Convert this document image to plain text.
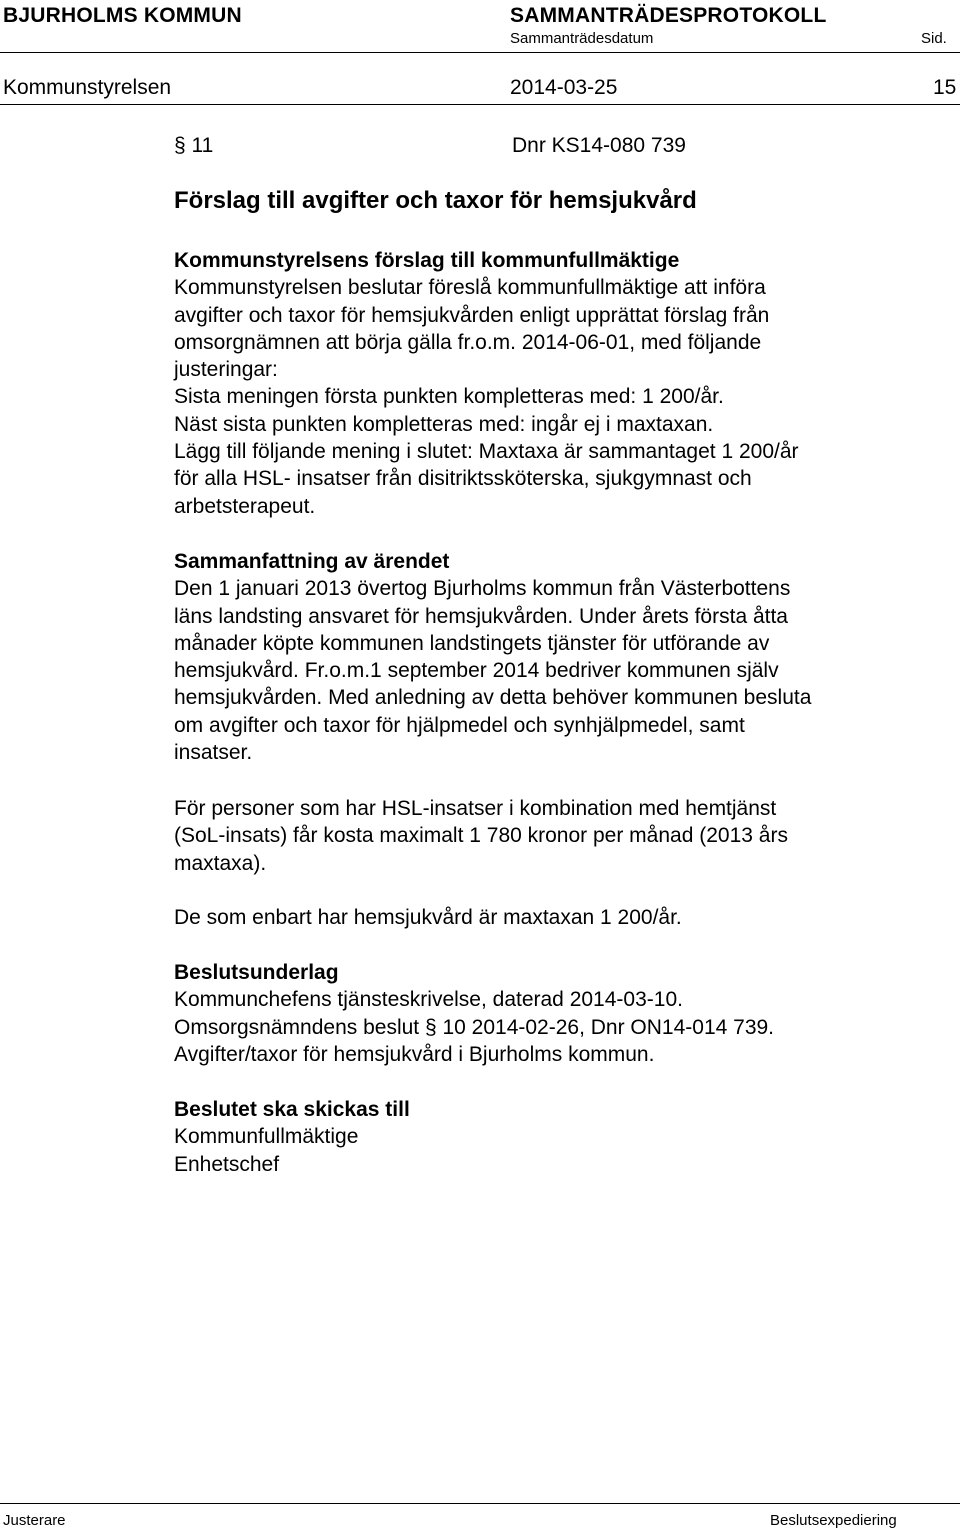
BJURHOLMS KOMMUN	SAMMANTRÄDESPROTOKOLL
Sammanträdesdatum	Sid.
Kommunstyrelsen	2014-03-25	15
§ 11	Dnr KS14-080 739
Förslag till avgifter och taxor för hemsjukvård

Kommunstyrelsens förslag till kommunfullmäktige

Kommunstyrelsen beslutar föreslå kommunfullmäktige att införa

avgifter och taxor för hemsjukvården enligt upprättat förslag från

omsorgnämnen att börja gälla fr.o.m. 2014-06-01, med följande

justeringar:

Sista meningen första punkten kompletteras med: 1 200/år.

Näst sista punkten kompletteras med: ingår ej i maxtaxan.

Lägg till följande mening i slutet: Maxtaxa är sammantaget 1 200/år

för alla HSL- insatser från disitriktssköterska, sjukgymnast och

arbetsterapeut.

Sammanfattning av ärendet

Den 1 januari 2013 övertog Bjurholms kommun från Västerbottens

läns landsting ansvaret för hemsjukvården. Under årets första åtta

månader köpte kommunen landstingets tjänster för utförande av

hemsjukvård. Fr.o.m.1 september 2014 bedriver kommunen själv

hemsjukvården. Med anledning av detta behöver kommunen besluta

om avgifter och taxor för hjälpmedel och synhjälpmedel, samt

insatser.

För personer som har HSL-insatser i kombination med hemtjänst

(SoL-insats) får kosta maximalt 1 780 kronor per månad (2013 års

maxtaxa).

De som enbart har hemsjukvård är maxtaxan 1 200/år.

Beslutsunderlag

Kommunchefens tjänsteskrivelse, daterad 2014-03-10.

Omsorgsnämndens beslut § 10 2014-02-26, Dnr ON14-014 739.

Avgifter/taxor för hemsjukvård i Bjurholms kommun.

Beslutet ska skickas till

Kommunfullmäktige

Enhetschef

Justerare	Beslutsexpediering
